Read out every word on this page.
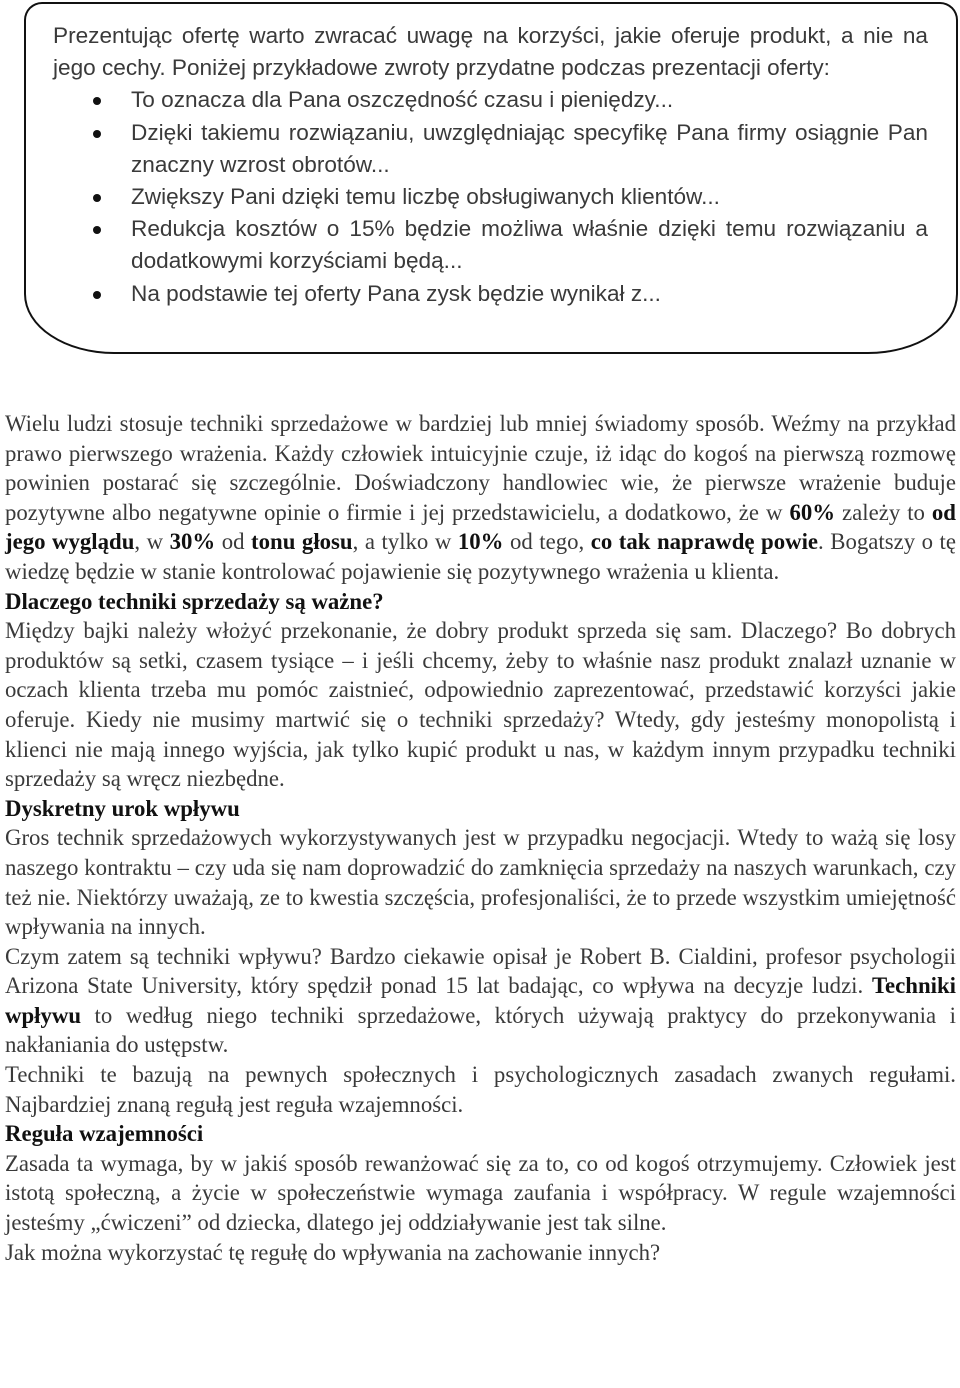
Prezentując ofertę warto zwracać uwagę na korzyści, jakie oferuje produkt, a nie na jego cechy. Poniżej przykładowe zwroty przydatne podczas prezentacji oferty:

To oznacza dla Pana oszczędność czasu i pieniędzy...
Dzięki takiemu rozwiązaniu, uwzględniając specyfikę Pana firmy osiągnie Pan znaczny wzrost obrotów...
Zwiększy Pani dzięki temu liczbę obsługiwanych klientów...
Redukcja kosztów o 15% będzie możliwa właśnie dzięki temu rozwiązaniu a dodatkowymi korzyściami będą...
Na podstawie tej oferty Pana zysk będzie wynikał z...

Wielu ludzi stosuje techniki sprzedażowe w bardziej lub mniej świadomy sposób. Weźmy na przykład prawo pierwszego wrażenia. Każdy człowiek intuicyjnie czuje, iż idąc do kogoś na pierwszą rozmowę powinien postarać się szczególnie. Doświadczony handlowiec wie, że pierwsze wrażenie buduje pozytywne albo negatywne opinie o firmie i jej przedstawicielu, a dodatkowo, że w 60% zależy to od jego wyglądu, w 30% od tonu głosu, a tylko w 10% od tego, co tak naprawdę powie. Bogatszy o tę wiedzę będzie w stanie kontrolować pojawienie się pozytywnego wrażenia u klienta.

Dlaczego techniki sprzedaży są ważne?

Między bajki należy włożyć przekonanie, że dobry produkt sprzeda się sam. Dlaczego? Bo dobrych produktów są setki, czasem tysiące – i jeśli chcemy, żeby to właśnie nasz produkt znalazł uznanie w oczach klienta trzeba mu pomóc zaistnieć, odpowiednio zaprezentować, przedstawić korzyści jakie oferuje. Kiedy nie musimy martwić się o techniki sprzedaży? Wtedy, gdy jesteśmy monopolistą i klienci nie mają innego wyjścia, jak tylko kupić produkt u nas, w każdym innym przypadku techniki sprzedaży są wręcz niezbędne.

Dyskretny urok wpływu

Gros technik sprzedażowych wykorzystywanych jest w przypadku negocjacji. Wtedy to ważą się losy naszego kontraktu – czy uda się nam doprowadzić do zamknięcia sprzedaży na naszych warunkach, czy też nie. Niektórzy uważają, ze to kwestia szczęścia, profesjonaliści, że to przede wszystkim umiejętność wpływania na innych.

Czym zatem są techniki wpływu? Bardzo ciekawie opisał je Robert B. Cialdini, profesor psychologii Arizona State University, który spędził ponad 15 lat badając, co wpływa na decyzje ludzi. Techniki wpływu to według niego techniki sprzedażowe, których używają praktycy do przekonywania i nakłaniania do ustępstw.

Techniki te bazują na pewnych społecznych i psychologicznych zasadach zwanych regułami. Najbardziej znaną regułą jest reguła wzajemności.

Reguła wzajemności

Zasada ta wymaga, by w jakiś sposób rewanżować się za to, co od kogoś otrzymujemy. Człowiek jest istotą społeczną, a życie w społeczeństwie wymaga zaufania i współpracy. W regule wzajemności jesteśmy „ćwiczeni” od dziecka, dlatego jej oddziaływanie jest tak silne.

Jak można wykorzystać tę regułę do wpływania na zachowanie innych?
